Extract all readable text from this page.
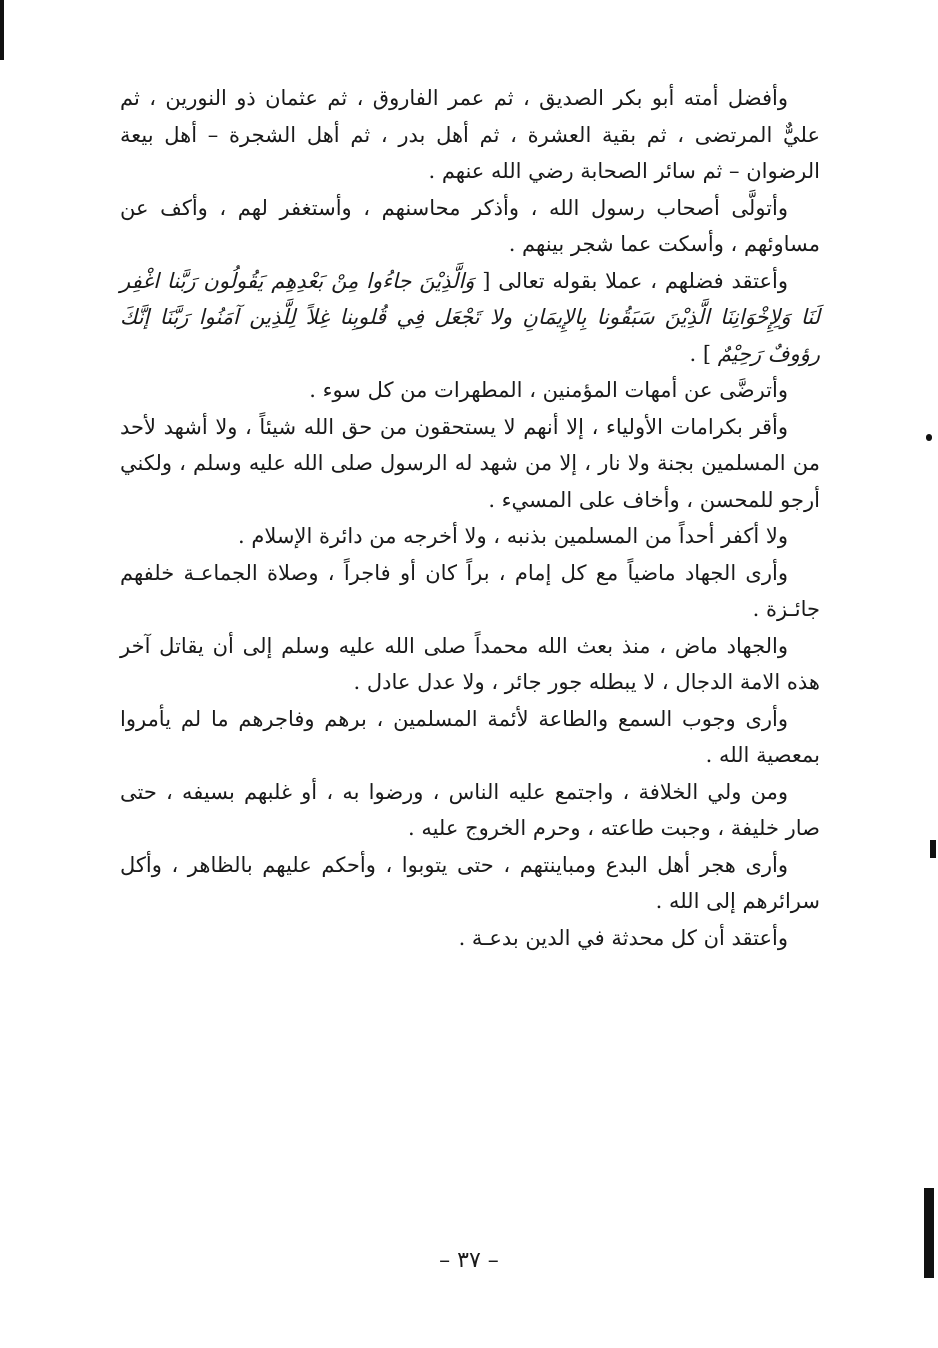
وأفضل أمته أبو بكر الصديق ، ثم عمر الفاروق ، ثم عثمان ذو النورين ، ثم عليٌّ المرتضى ، ثم بقية العشرة ، ثم أهل بدر ، ثم أهل الشجرة – أهل بيعة الرضوان – ثم سائر الصحابة رضي الله عنهم .

وأتولَّى أصحاب رسول الله ، وأذكر محاسنهم ، وأستغفر لهم ، وأكف عن مساوئهم ، وأسكت عما شجر بينهم .

وأعتقد فضلهم ، عملا بقوله تعالى [ وَالَّذِيْنَ جاءُوا مِنْ بَعْدِهِم يَقُولُون رَبَّنا اغْفِر لَنَا وَلِإِخْوَانِنَا الَّذِيْنَ سَبَقُونا بِالإِيمَانِ ولا تَجْعَل فِي قُلوبِنا غِلاً لِلَّذِين آمَنُوا رَبَّنَا إنَّكَ رؤوفٌ رَحِيْمٌ ] .

وأترضَّى عن أمهات المؤمنين ، المطهرات من كل سوء .

وأقر بكرامات الأولياء ، إلا أنهم لا يستحقون من حق الله شيئاً ، ولا أشهد لأحد من المسلمين بجنة ولا نار ، إلا من شهد له الرسول صلى الله عليه وسلم ، ولكني أرجو للمحسن ، وأخاف على المسيء .

ولا أكفر أحداً من المسلمين بذنبه ، ولا أخرجه من دائرة الإسلام .

وأرى الجهاد ماضياً مع كل إمام ، براً كان أو فاجراً ، وصلاة الجماعـة خلفهم جائـزة .

والجهاد ماض ، منذ بعث الله محمداً صلى الله عليه وسلم إلى أن يقاتل آخر هذه الامة الدجال ، لا يبطله جور جائر ، ولا عدل عادل .

وأرى وجوب السمع والطاعة لأئمة المسلمين ، برهم وفاجرهم ما لم يأمروا بمعصية الله .

ومن ولي الخلافة ، واجتمع عليه الناس ، ورضوا به ، أو غلبهم بسيفه ، حتى صار خليفة ، وجبت طاعته ، وحرم الخروج عليه .

وأرى هجر أهل البدع ومباينتهم ، حتى يتوبوا ، وأحكم عليهم بالظاهر ، وأكل سرائرهم إلى الله .

وأعتقد أن كل محدثة في الدين بدعـة .

– ٣٧ –
